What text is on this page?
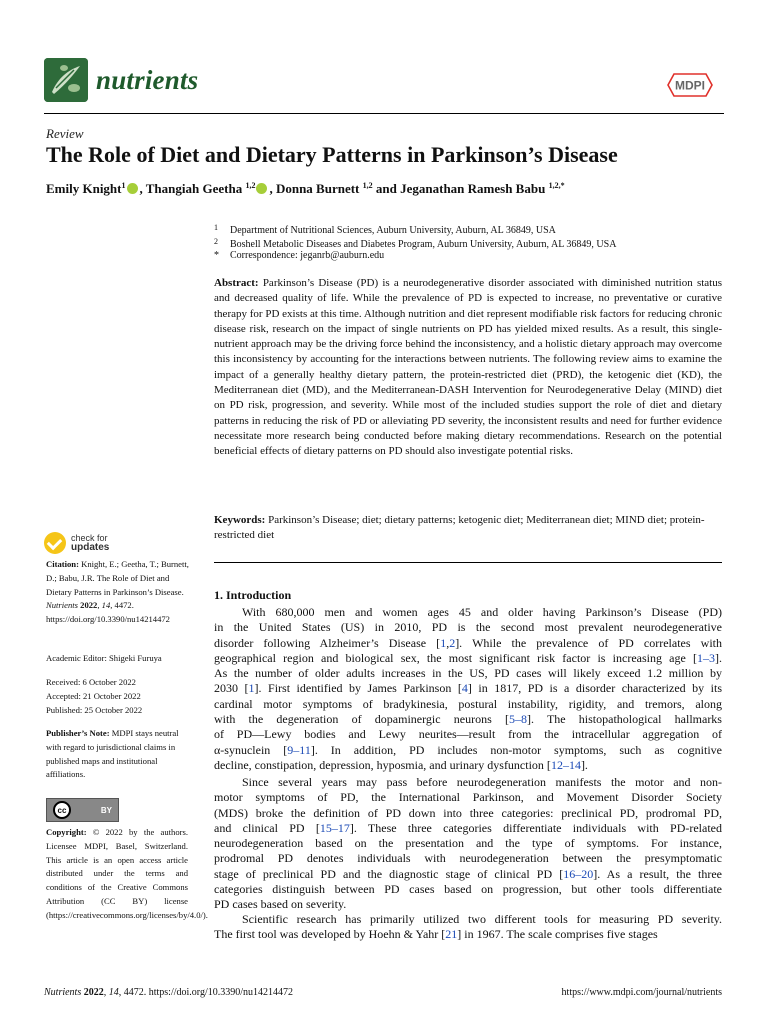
nutrients	MDPI
Review
The Role of Diet and Dietary Patterns in Parkinson’s Disease
Emily Knight$^1$ , Thangiah Geetha $^{1,2}$ , Donna Burnett $^{1,2}$ and Jeganathan Ramesh Babu $^{1,2,*}$
1 Department of Nutritional Sciences, Auburn University, Auburn, AL 36849, USA
2 Boshell Metabolic Diseases and Diabetes Program, Auburn University, Auburn, AL 36849, USA
* Correspondence: jeganrb@auburn.edu
Abstract: Parkinson’s Disease (PD) is a neurodegenerative disorder associated with diminished nutrition status and decreased quality of life. While the prevalence of PD is expected to increase, no preventative or curative therapy for PD exists at this time. Although nutrition and diet represent modifiable risk factors for reducing chronic disease risk, research on the impact of single nutrients on PD has yielded mixed results. As a result, this single-nutrient approach may be the driving force behind the inconsistency, and a holistic dietary approach may overcome this inconsistency by accounting for the interactions between nutrients. The following review aims to examine the impact of a generally healthy dietary pattern, the protein-restricted diet (PRD), the ketogenic diet (KD), the Mediterranean diet (MD), and the Mediterranean-DASH Intervention for Neurodegenerative Delay (MIND) diet on PD risk, progression, and severity. While most of the included studies support the role of diet and dietary patterns in reducing the risk of PD or alleviating PD severity, the inconsistent results and need for further evidence necessitate more research being conducted before making dietary recommendations. Research on the potential beneficial effects of dietary patterns on PD should also investigate potential risks.
Keywords: Parkinson’s Disease; diet; dietary patterns; ketogenic diet; Mediterranean diet; MIND diet; protein-restricted diet
check for
updates
Citation: Knight, E.; Geetha, T.; Burnett, D.; Babu, J.R. The Role of Diet and Dietary Patterns in Parkinson’s Disease. Nutrients 2022, 14, 4472. https://doi.org/10.3390/nu14214472
Academic Editor: Shigeki Furuya
Received: 6 October 2022
Accepted: 21 October 2022
Published: 25 October 2022
Publisher’s Note: MDPI stays neutral with regard to jurisdictional claims in published maps and institutional affiliations.
cc	BY
Copyright: © 2022 by the authors. Licensee MDPI, Basel, Switzerland. This article is an open access article distributed under the terms and conditions of the Creative Commons Attribution (CC BY) license (https://creativecommons.org/licenses/by/4.0/).
1. Introduction
With 680,000 men and women ages 45 and older having Parkinson’s Disease (PD)
in the United States (US) in 2010, PD is the second most prevalent neurodegenerative
disorder following Alzheimer’s Disease [1,2]. While the prevalence of PD correlates with
geographical region and biological sex, the most significant risk factor is increasing age [1–3].
As the number of older adults increases in the US, PD cases will likely exceed 1.2 million by
2030 [1]. First identified by James Parkinson [4] in 1817, PD is a disorder characterized by its
cardinal motor symptoms of bradykinesia, postural instability, rigidity, and tremors, along
with the degeneration of dopaminergic neurons [5–8]. The histopathological hallmarks
of PD—Lewy bodies and Lewy neurites—result from the intracellular aggregation of
α-synuclein [9–11]. In addition, PD includes non-motor symptoms, such as cognitive
decline, constipation, depression, hyposmia, and urinary dysfunction [12–14].
Since several years may pass before neurodegeneration manifests the motor and non-
motor symptoms of PD, the International Parkinson, and Movement Disorder Society
(MDS) broke the definition of PD down into three categories: preclinical PD, prodromal PD,
and clinical PD [15–17]. These three categories differentiate individuals with PD-related
neurodegeneration based on the presentation and the type of symptoms. For instance,
prodromal PD denotes individuals with neurodegeneration between the presymptomatic
stage of preclinical PD and the diagnostic stage of clinical PD [16–20]. As a result, the three
categories distinguish between PD cases based on progression, but other tools differentiate
PD cases based on severity.
Scientific research has primarily utilized two different tools for measuring PD severity.
The first tool was developed by Hoehn & Yahr [21] in 1967. The scale comprises five stages
Nutrients 2022, 14, 4472. https://doi.org/10.3390/nu14214472	https://www.mdpi.com/journal/nutrients
